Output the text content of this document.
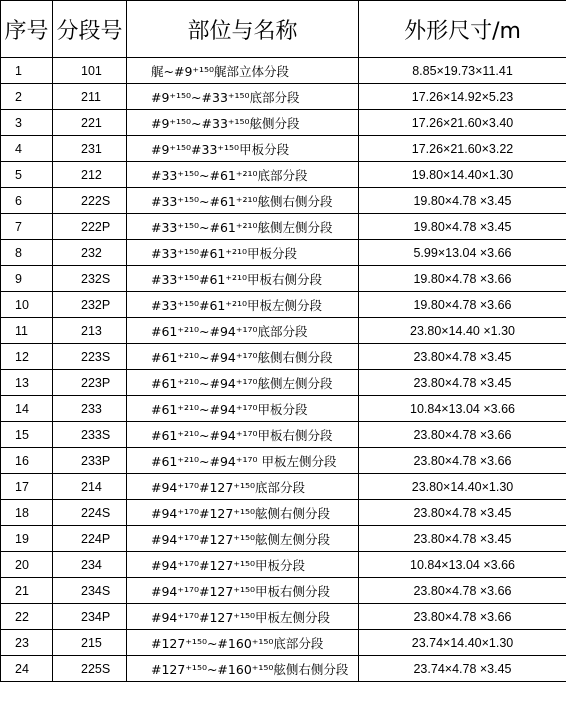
序号	分段号	部位与名称	外形尺寸/m
1	101	艉~#9⁺¹⁵⁰艉部立体分段	8.85×19.73×11.41
2	211	#9⁺¹⁵⁰~#33⁺¹⁵⁰底部分段	17.26×14.92×5.23
3	221	#9⁺¹⁵⁰~#33⁺¹⁵⁰舷侧分段	17.26×21.60×3.40
4	231	#9⁺¹⁵⁰#33⁺¹⁵⁰甲板分段	17.26×21.60×3.22
5	212	#33⁺¹⁵⁰~#61⁺²¹⁰底部分段	19.80×14.40×1.30
6	222S	#33⁺¹⁵⁰~#61⁺²¹⁰舷侧右侧分段	19.80×4.78 ×3.45
7	222P	#33⁺¹⁵⁰~#61⁺²¹⁰舷侧左侧分段	19.80×4.78 ×3.45
8	232	#33⁺¹⁵⁰#61⁺²¹⁰甲板分段	5.99×13.04 ×3.66
9	232S	#33⁺¹⁵⁰#61⁺²¹⁰甲板右侧分段	19.80×4.78 ×3.66
10	232P	#33⁺¹⁵⁰#61⁺²¹⁰甲板左侧分段	19.80×4.78 ×3.66
11	213	#61⁺²¹⁰~#94⁺¹⁷⁰底部分段	23.80×14.40 ×1.30
12	223S	#61⁺²¹⁰~#94⁺¹⁷⁰舷侧右侧分段	23.80×4.78 ×3.45
13	223P	#61⁺²¹⁰~#94⁺¹⁷⁰舷侧左侧分段	23.80×4.78 ×3.45
14	233	#61⁺²¹⁰~#94⁺¹⁷⁰甲板分段	10.84×13.04 ×3.66
15	233S	#61⁺²¹⁰~#94⁺¹⁷⁰甲板右侧分段	23.80×4.78 ×3.66
16	233P	#61⁺²¹⁰~#94⁺¹⁷⁰ 甲板左侧分段	23.80×4.78 ×3.66
17	214	#94⁺¹⁷⁰#127⁺¹⁵⁰底部分段	23.80×14.40×1.30
18	224S	#94⁺¹⁷⁰#127⁺¹⁵⁰舷侧右侧分段	23.80×4.78 ×3.45
19	224P	#94⁺¹⁷⁰#127⁺¹⁵⁰舷侧左侧分段	23.80×4.78 ×3.45
20	234	#94⁺¹⁷⁰#127⁺¹⁵⁰甲板分段	10.84×13.04 ×3.66
21	234S	#94⁺¹⁷⁰#127⁺¹⁵⁰甲板右侧分段	23.80×4.78 ×3.66
22	234P	#94⁺¹⁷⁰#127⁺¹⁵⁰甲板左侧分段	23.80×4.78 ×3.66
23	215	#127⁺¹⁵⁰~#160⁺¹⁵⁰底部分段	23.74×14.40×1.30
24	225S	#127⁺¹⁵⁰~#160⁺¹⁵⁰舷侧右侧分段	23.74×4.78 ×3.45
